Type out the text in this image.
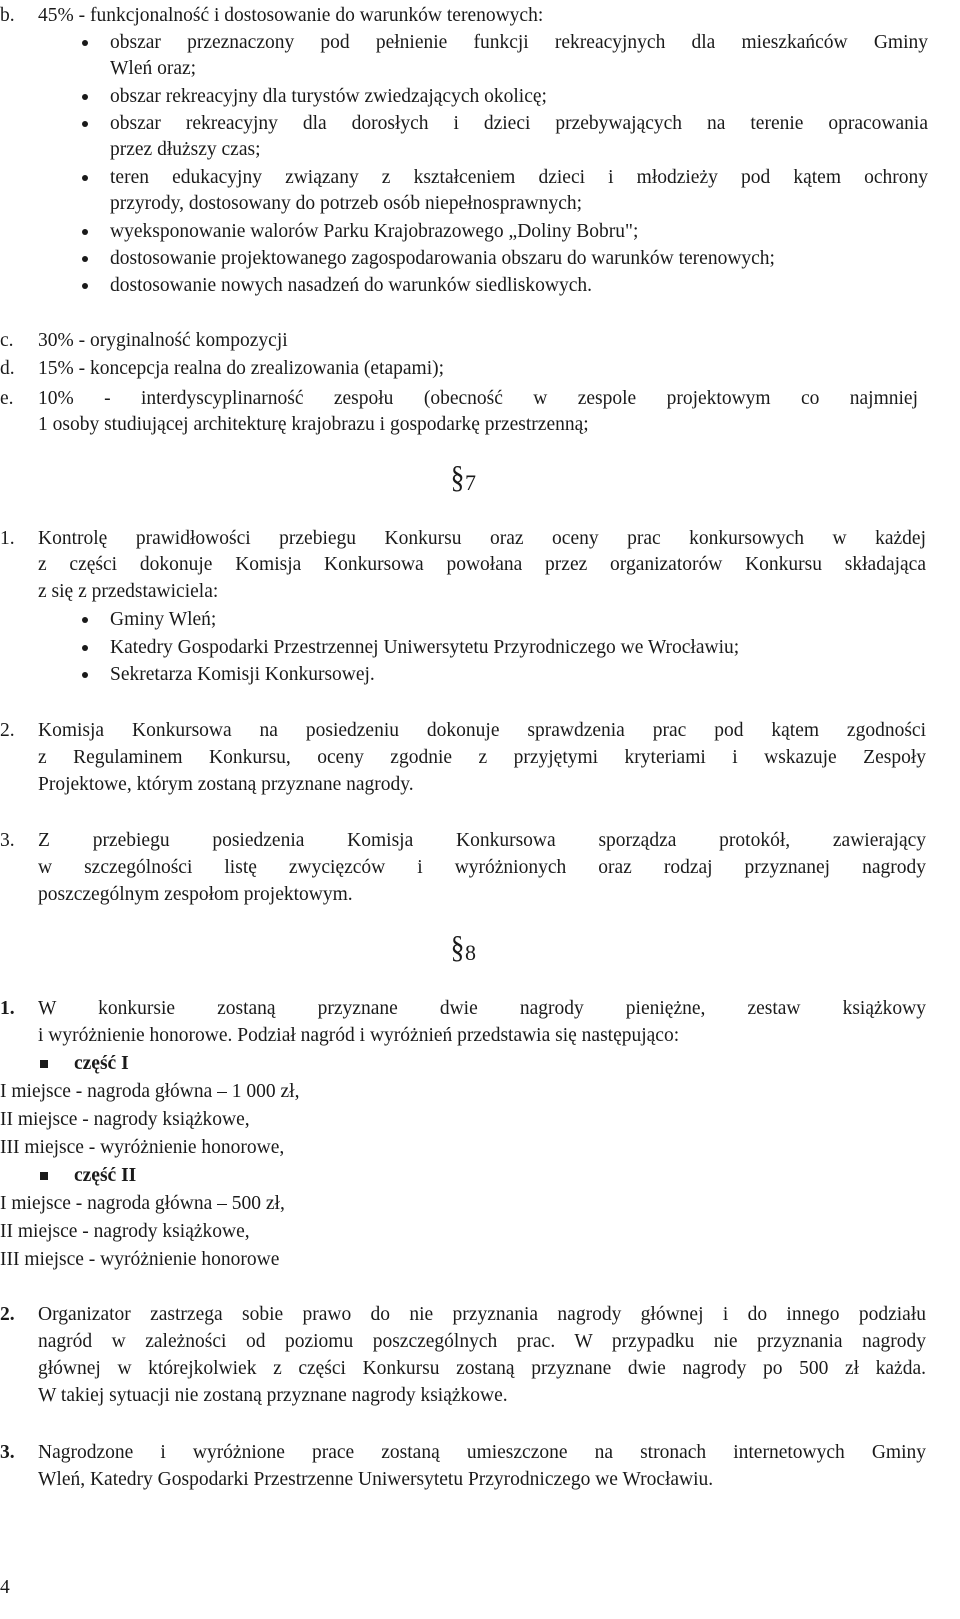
b. 45% - funkcjonalność i dostosowanie do warunków terenowych:
obszar przeznaczony pod pełnienie funkcji rekreacyjnych dla mieszkańców Gminy
Wleń oraz;
obszar rekreacyjny dla turystów zwiedzających okolicę;
obszar rekreacyjny dla dorosłych i dzieci przebywających na terenie opracowania
przez dłuższy czas;
teren edukacyjny związany z kształceniem dzieci i młodzieży pod kątem ochrony
przyrody, dostosowany do potrzeb osób niepełnosprawnych;
wyeksponowanie walorów Parku Krajobrazowego „Doliny Bobru";
dostosowanie projektowanego zagospodarowania obszaru do warunków terenowych;
dostosowanie nowych nasadzeń do warunków siedliskowych.
c. 30% - oryginalność kompozycji
d. 15% - koncepcja realna do zrealizowania (etapami);
e. 10% - interdyscyplinarność zespołu (obecność w zespole projektowym co najmniej
1 osoby studiującej architekturę krajobrazu i gospodarkę przestrzenną;
§7
1. Kontrolę prawidłowości przebiegu Konkursu oraz oceny prac konkursowych w każdej
z części dokonuje Komisja Konkursowa powołana przez organizatorów Konkursu składająca
z się z przedstawiciela:
Gminy Wleń;
Katedry Gospodarki Przestrzennej Uniwersytetu Przyrodniczego we Wrocławiu;
Sekretarza Komisji Konkursowej.
2. Komisja Konkursowa na posiedzeniu dokonuje sprawdzenia prac pod kątem zgodności
z Regulaminem Konkursu, oceny zgodnie z przyjętymi kryteriami i wskazuje Zespoły
Projektowe, którym zostaną przyznane nagrody.
3. Z przebiegu posiedzenia Komisja Konkursowa sporządza protokół, zawierający
w szczególności listę zwycięzców i wyróżnionych oraz rodzaj przyznanej nagrody
poszczególnym zespołom projektowym.
§8
1. W konkursie zostaną przyznane dwie nagrody pieniężne, zestaw książkowy
i wyróżnienie honorowe. Podział nagród i wyróżnień przedstawia się następująco:
część I
I miejsce - nagroda główna – 1 000 zł,
II miejsce - nagrody książkowe,
III miejsce - wyróżnienie honorowe,
część II
I miejsce - nagroda główna – 500 zł,
II miejsce - nagrody książkowe,
III miejsce - wyróżnienie honorowe
2. Organizator zastrzega sobie prawo do nie przyznania nagrody głównej i do innego podziału
nagród w zależności od poziomu poszczególnych prac. W przypadku nie przyznania nagrody
głównej w którejkolwiek z części Konkursu zostaną przyznane dwie nagrody po 500 zł każda.
W takiej sytuacji nie zostaną przyznane nagrody książkowe.
3. Nagrodzone i wyróżnione prace zostaną umieszczone na stronach internetowych Gminy
Wleń, Katedry Gospodarki Przestrzenne Uniwersytetu Przyrodniczego we Wrocławiu.
4
